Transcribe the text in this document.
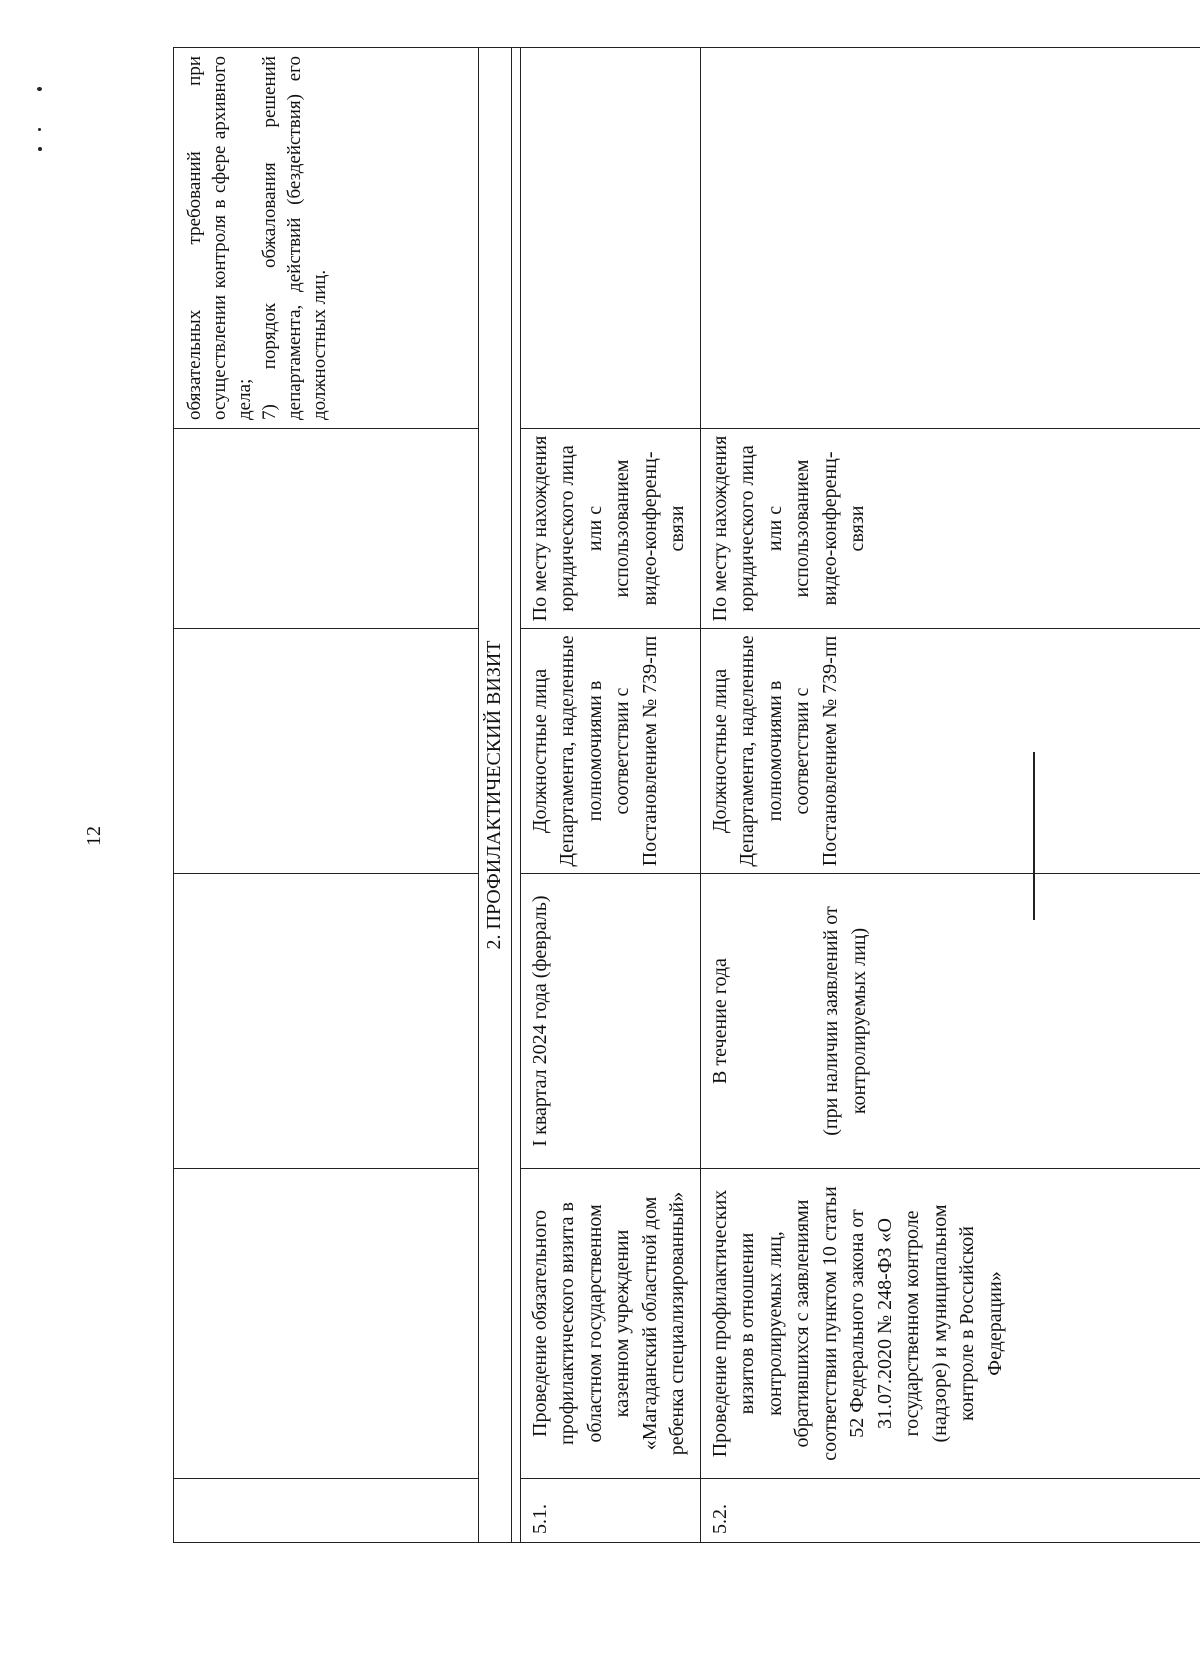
12
					обязательных требований при осуществлении контроля в сфере архивного дела; 7) порядок обжалования решений департамента, действий (бездействия) его должностных лиц.
2. ПРОФИЛАКТИЧЕСКИЙ ВИЗИТ					

5.1.	Проведение обязательного профилактического визита в областном государственном казенном учреждении «Магаданский областной дом ребенка специализированный»	I квартал 2024 года (февраль)	Должностные лица Департамента, наделенные полномочиями в соответствии с Постановлением № 739-пп	По месту нахождения юридического лица или с использованием видео-конференц-связи	
5.2.	Проведение профилактических визитов в отношении контролируемых лиц, обратившихся с заявлениями соответствии пунктом 10 статьи 52 Федерального закона от 31.07.2020 № 248-ФЗ «О государственном контроле (надзоре) и муниципальном контроле в Российской Федерации»	В течение года (при наличии заявлений от контролируемых лиц)	Должностные лица Департамента, наделенные полномочиями в соответствии с Постановлением № 739-пп	По месту нахождения юридического лица или с использованием видео-конференц-связи	
